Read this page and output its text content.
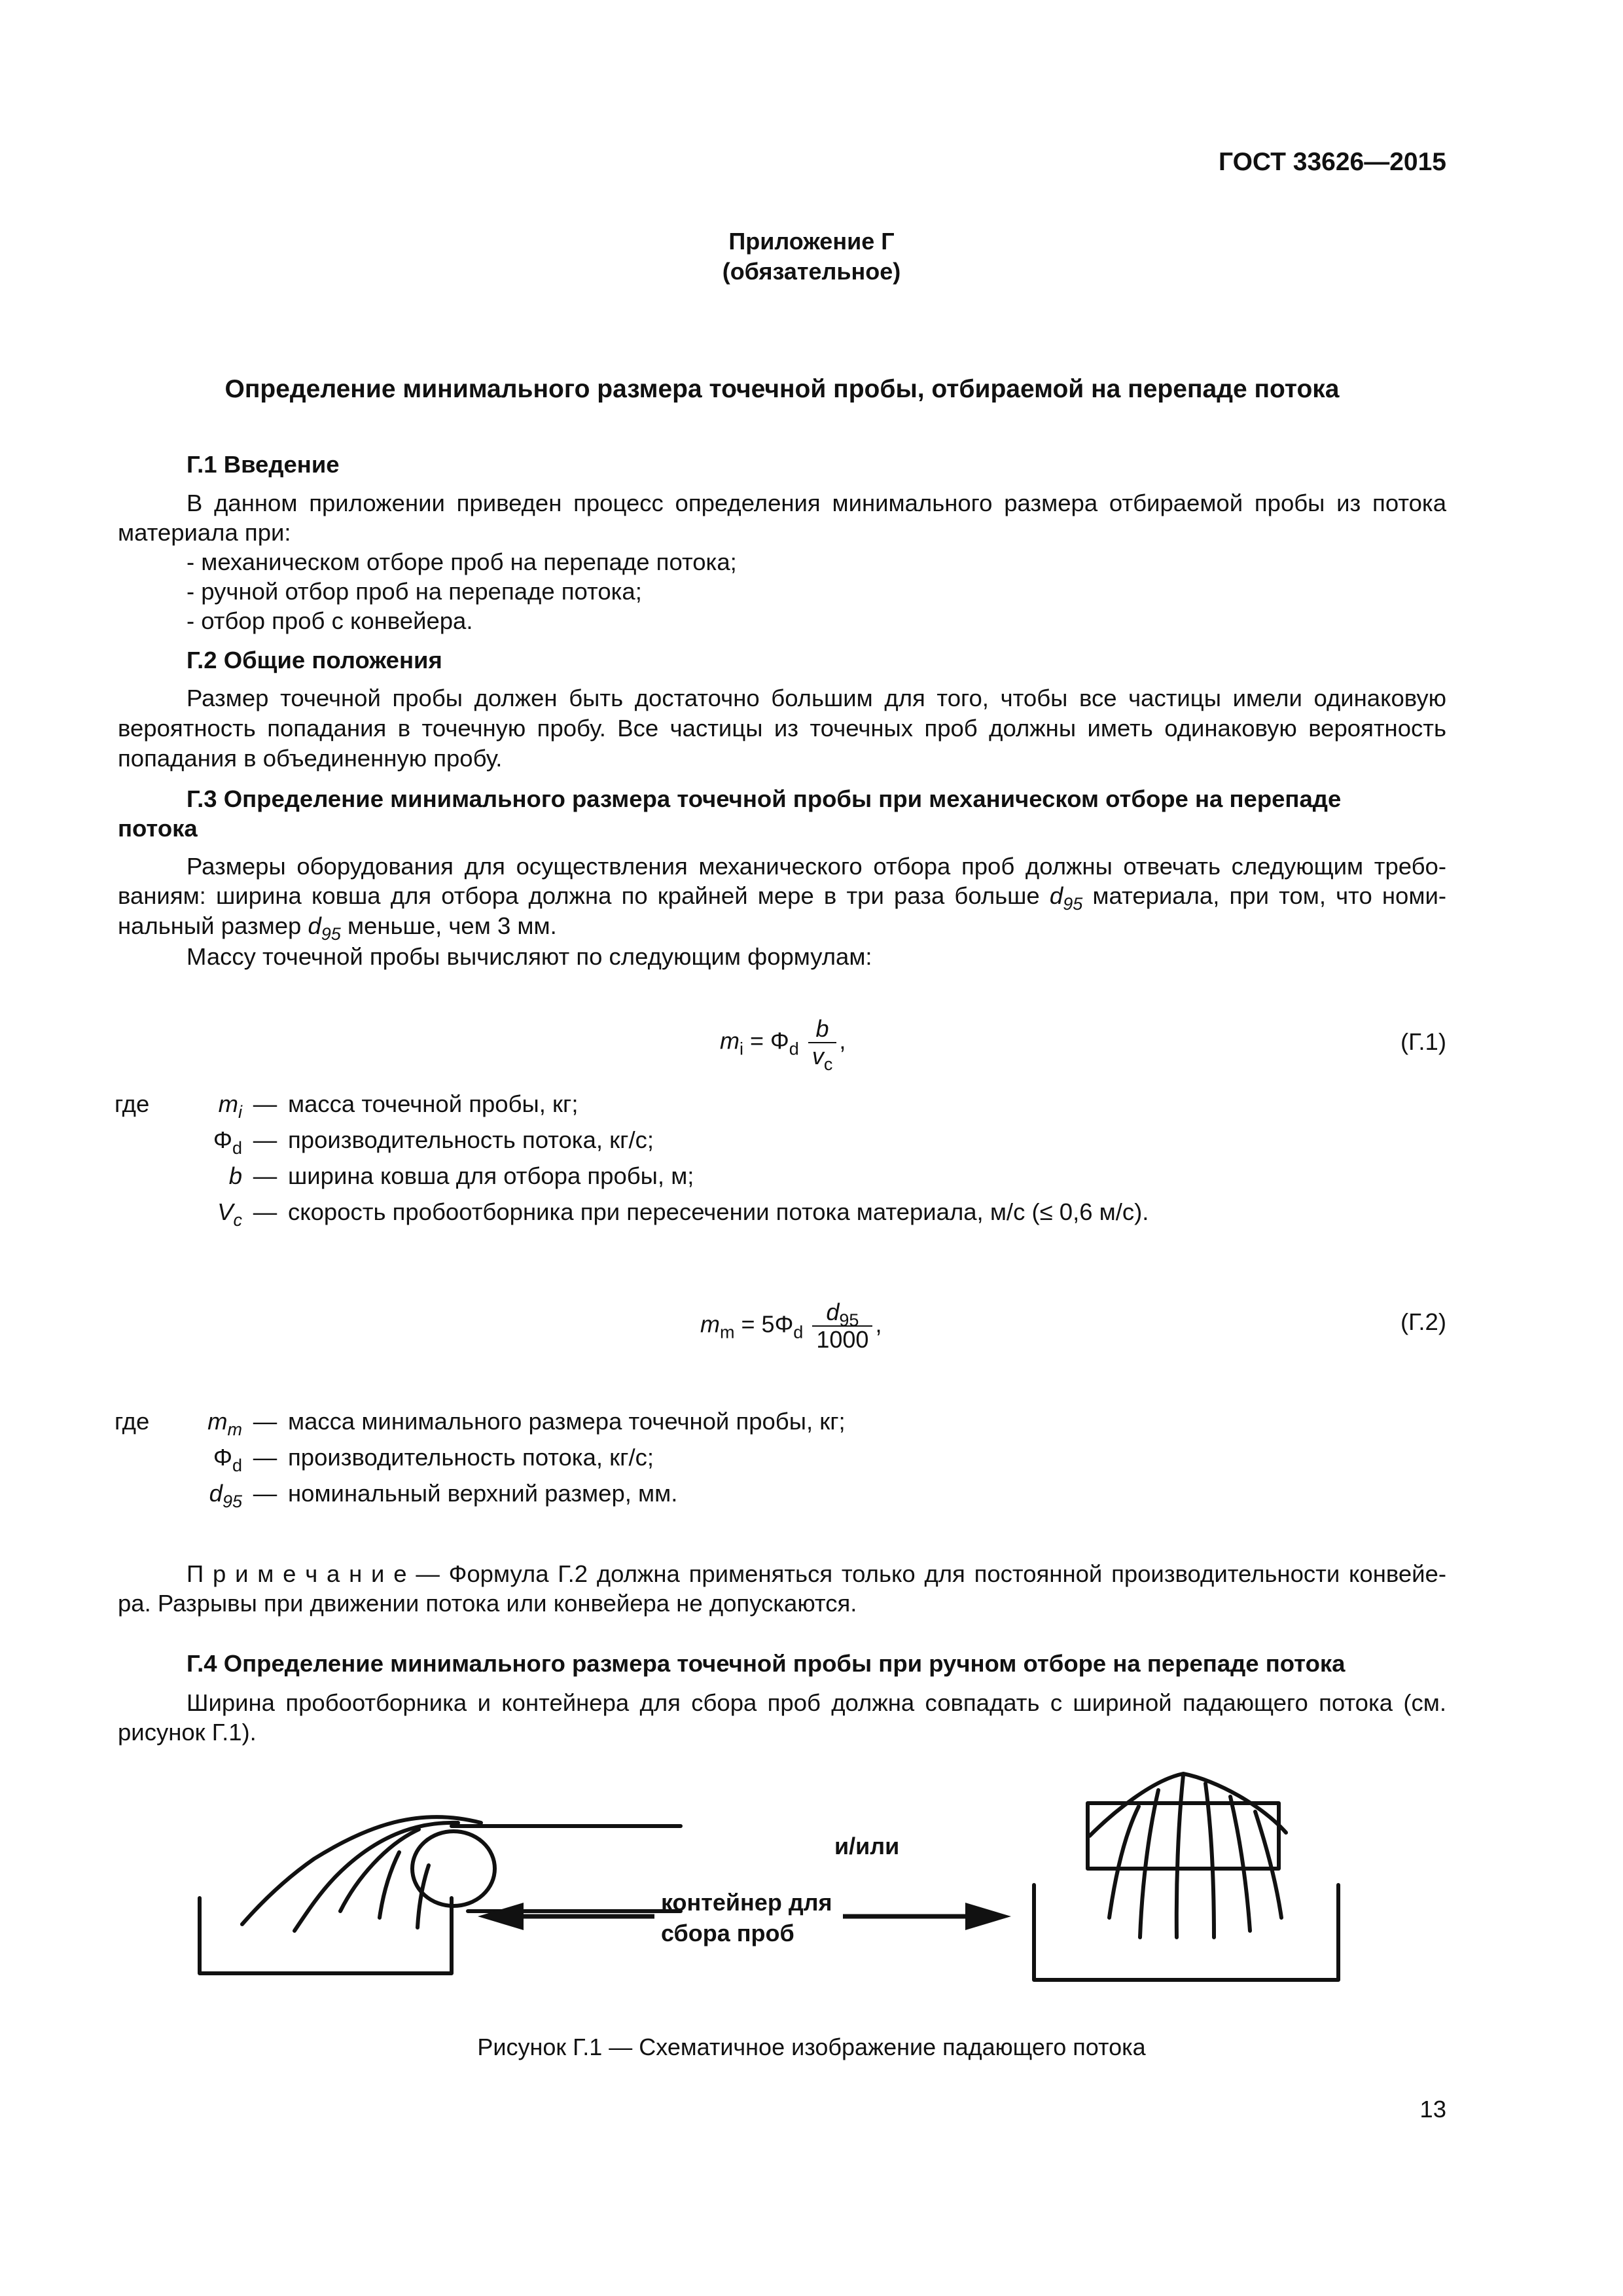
ГОСТ 33626—2015
Приложение Г
(обязательное)
Определение минимального размера точечной пробы, отбираемой на перепаде потока
Г.1 Введение
В данном приложении приведен процесс определения минимального размера отбираемой пробы из потока
материала при:
- механическом отборе проб на перепаде потока;
- ручной отбор проб на перепаде потока;
- отбор проб с конвейера.
Г.2 Общие положения
Размер точечной пробы должен быть достаточно большим для того, чтобы все частицы имели одинаковую
вероятность попадания в точечную пробу. Все частицы из точечных проб должны иметь одинаковую вероятность
попадания в объединенную пробу.
Г.3 Определение минимального размера точечной пробы при механическом отборе на перепаде
потока
Размеры оборудования для осуществления механического отбора проб должны отвечать следующим требо-
ваниям: ширина ковша для отбора должна по крайней мере в три раза больше $d_{95}$ материала, при том, что номи-
нальный размер $d_{95}$ меньше, чем 3 мм.
Массу точечной пробы вычисляют по следующим формулам:
$m_i = \Phi_d \frac{b}{v_c}$ ,	(Г.1)
где	$m_i$ — масса точечной пробы, кг;
$\Phi_d$ — производительность потока, кг/с;
b — ширина ковша для отбора пробы, м;
$V_c$ — скорость пробоотборника при пересечении потока материала, м/с (≤ 0,6 м/с).
$m_m = 5\Phi_d \frac{d_{95}}{1000}$ ,	(Г.2)
где	$m_m$ — масса минимального размера точечной пробы, кг;
$\Phi_d$ — производительность потока, кг/с;
$d_{95}$ — номинальный верхний размер, мм.
П р и м е ч а н и е — Формула Г.2 должна применяться только для постоянной производительности конвейе-
ра. Разрывы при движении потока или конвейера не допускаются.
Г.4 Определение минимального размера точечной пробы при ручном отборе на перепаде потока
Ширина пробоотборника и контейнера для сбора проб должна совпадать с шириной падающего потока (см.
рисунок Г.1).
и/или
контейнер для
сбора проб
Рисунок Г.1 — Схематичное изображение падающего потока
13
